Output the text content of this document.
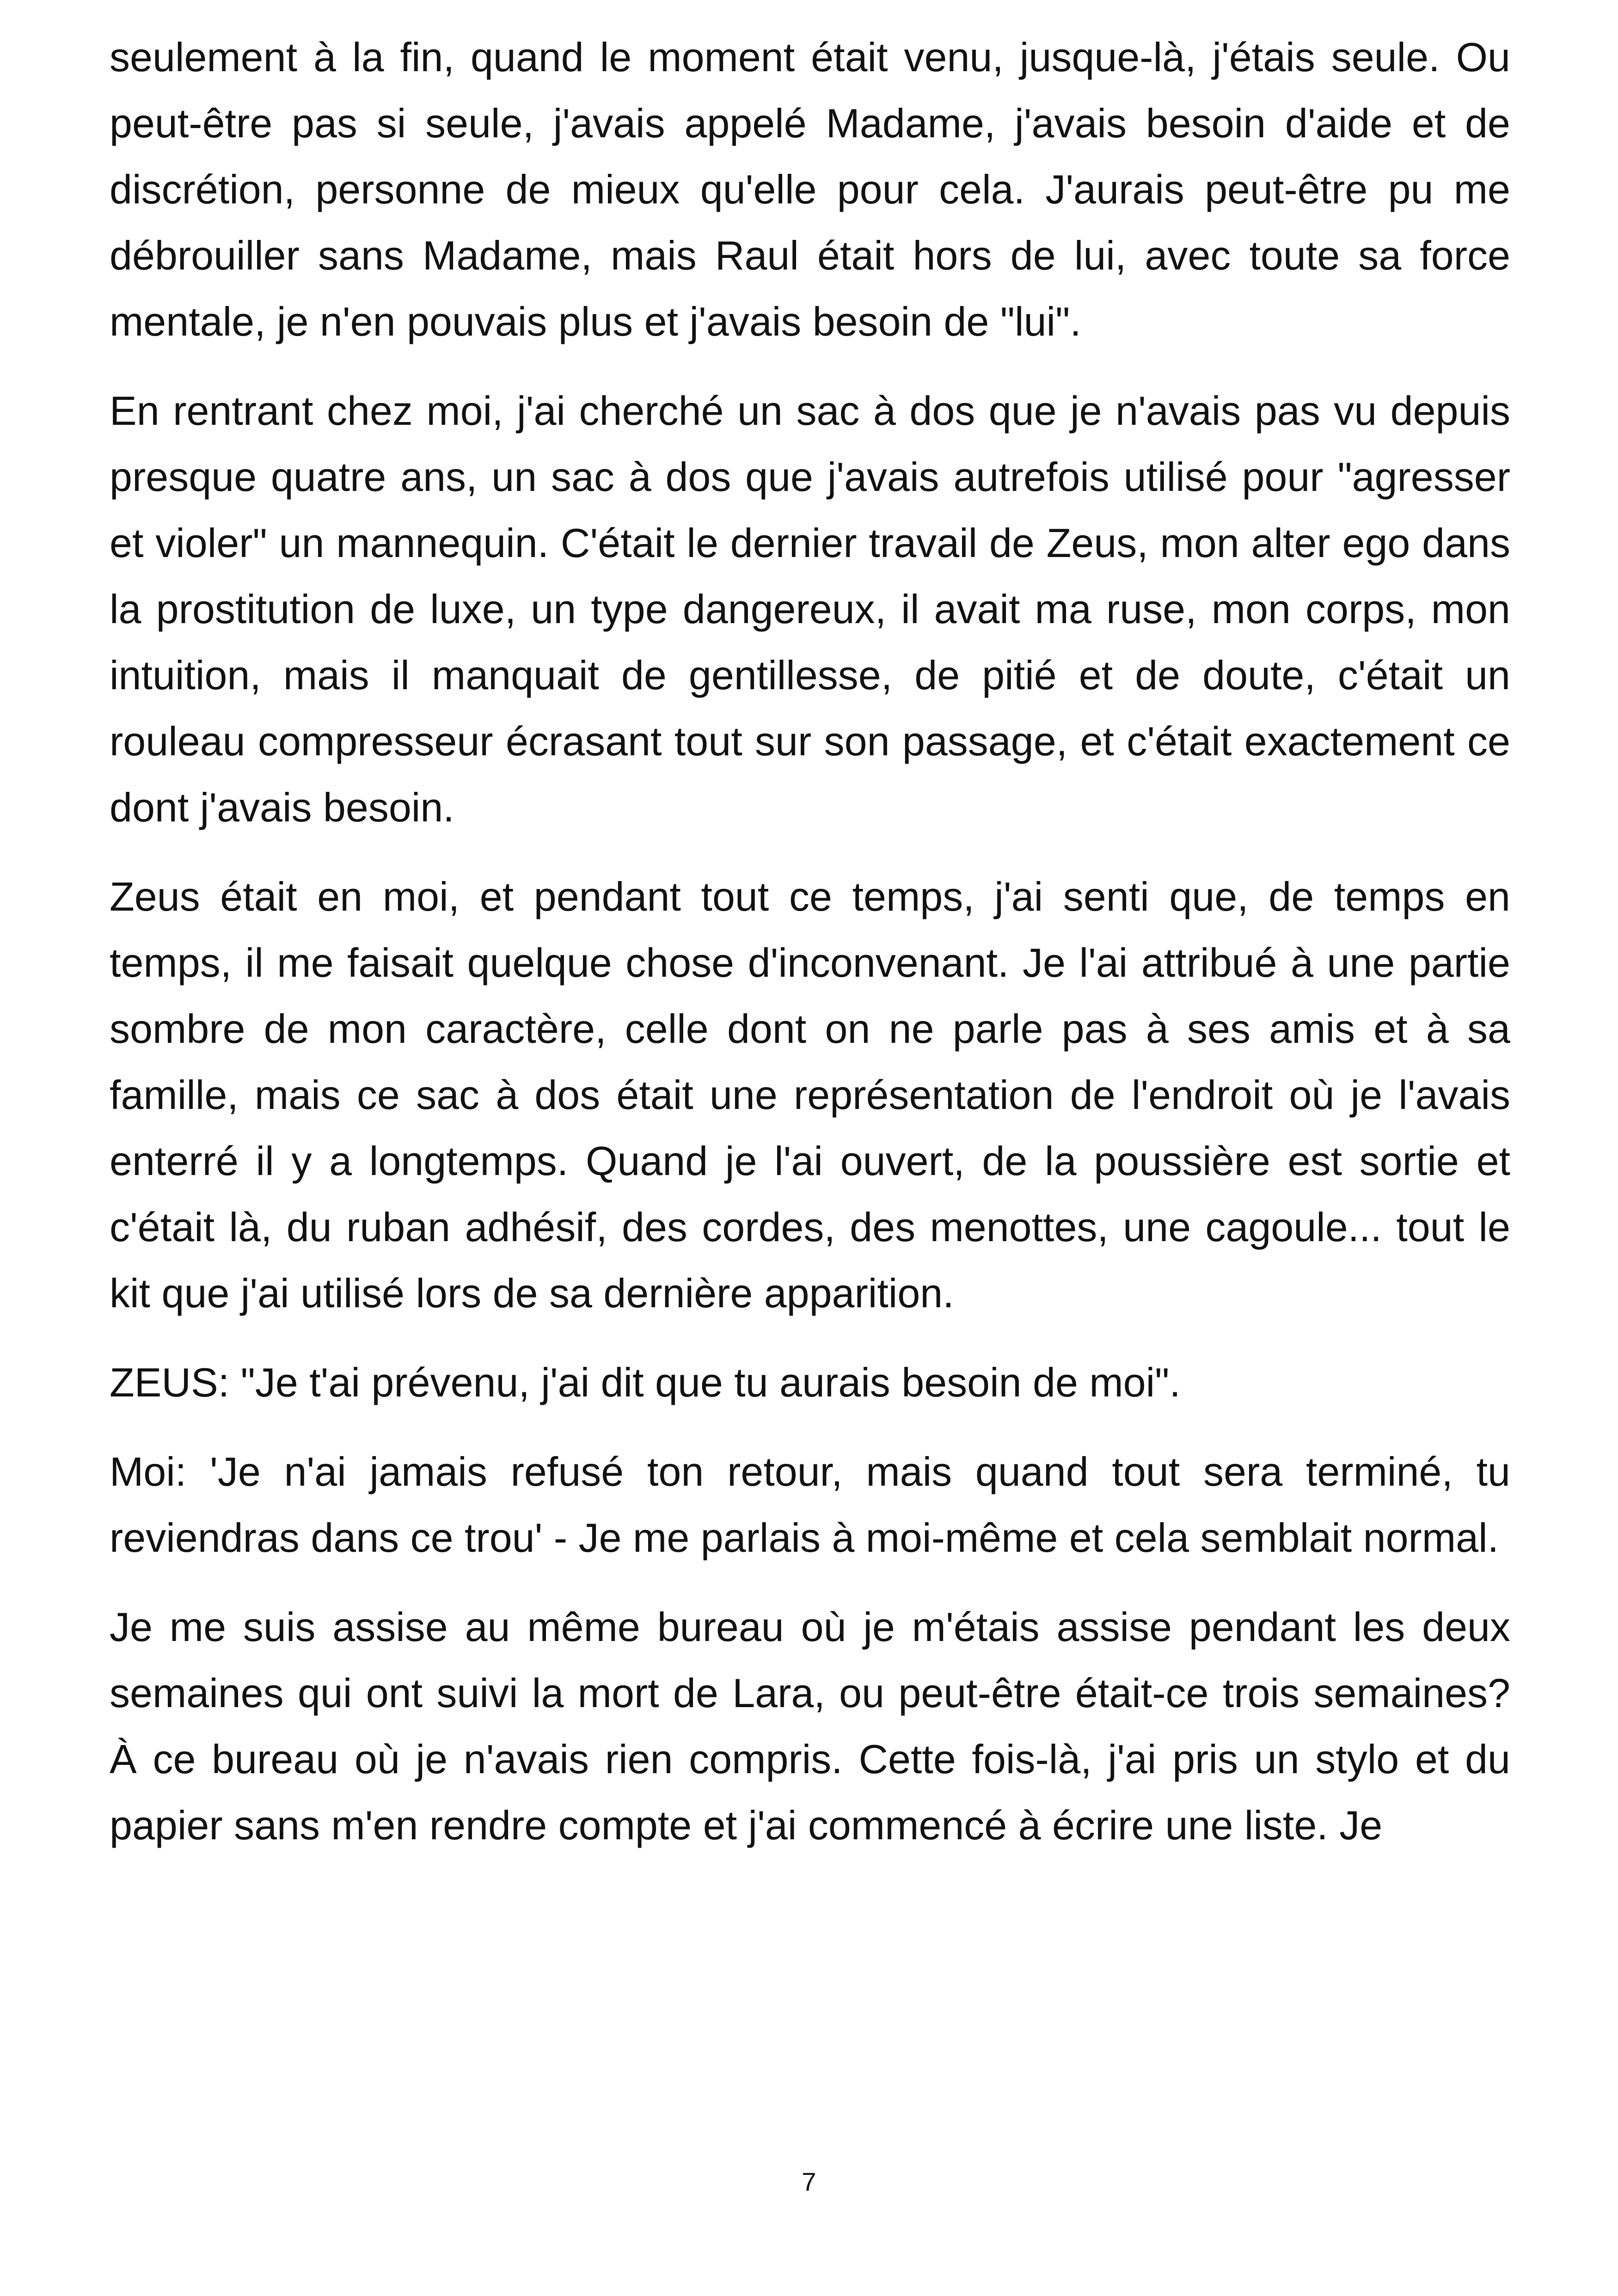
seulement à la fin, quand le moment était venu, jusque-là, j'étais seule. Ou peut-être pas si seule, j'avais appelé Madame, j'avais besoin d'aide et de discrétion, personne de mieux qu'elle pour cela. J'aurais peut-être pu me débrouiller sans Madame, mais Raul était hors de lui, avec toute sa force mentale, je n'en pouvais plus et j'avais besoin de "lui".

En rentrant chez moi, j'ai cherché un sac à dos que je n'avais pas vu depuis presque quatre ans, un sac à dos que j'avais autrefois utilisé pour "agresser et violer" un mannequin. C'était le dernier travail de Zeus, mon alter ego dans la prostitution de luxe, un type dangereux, il avait ma ruse, mon corps, mon intuition, mais il manquait de gentillesse, de pitié et de doute, c'était un rouleau compresseur écrasant tout sur son passage, et c'était exactement ce dont j'avais besoin.

Zeus était en moi, et pendant tout ce temps, j'ai senti que, de temps en temps, il me faisait quelque chose d'inconvenant. Je l'ai attribué à une partie sombre de mon caractère, celle dont on ne parle pas à ses amis et à sa famille, mais ce sac à dos était une représentation de l'endroit où je l'avais enterré il y a longtemps. Quand je l'ai ouvert, de la poussière est sortie et c'était là, du ruban adhésif, des cordes, des menottes, une cagoule... tout le kit que j'ai utilisé lors de sa dernière apparition.

ZEUS: "Je t'ai prévenu, j'ai dit que tu aurais besoin de moi".

Moi: 'Je n'ai jamais refusé ton retour, mais quand tout sera terminé, tu reviendras dans ce trou' - Je me parlais à moi-même et cela semblait normal.

Je me suis assise au même bureau où je m'étais assise pendant les deux semaines qui ont suivi la mort de Lara, ou peut-être était-ce trois semaines? À ce bureau où je n'avais rien compris. Cette fois-là, j'ai pris un stylo et du papier sans m'en rendre compte et j'ai commencé à écrire une liste. Je

7
